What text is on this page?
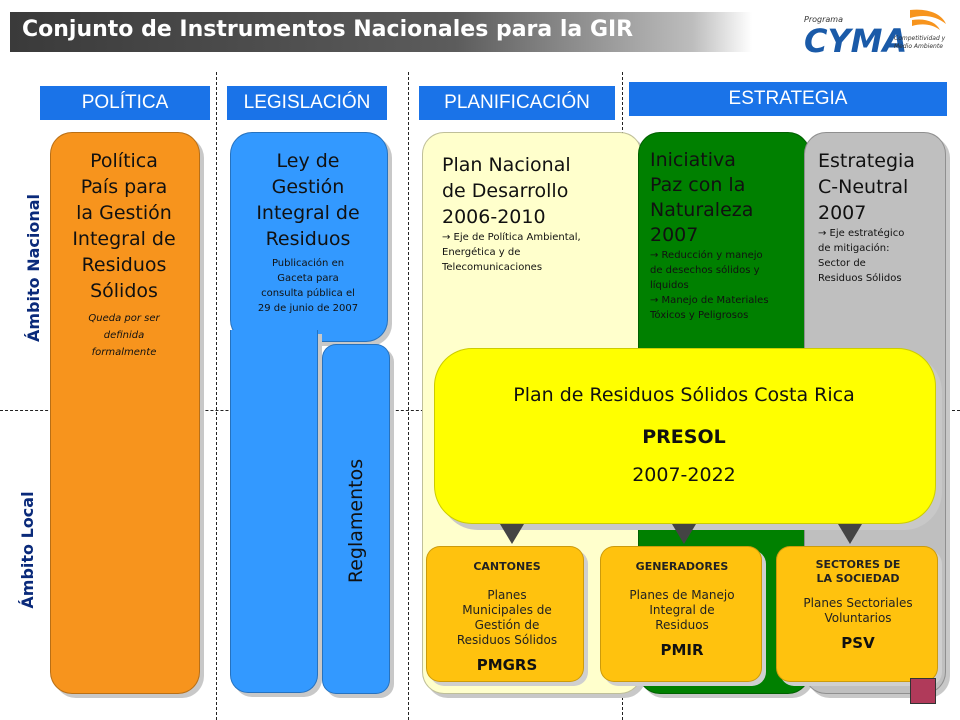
Conjunto de Instrumentos Nacionales para la GIR	Programa
CYMA
Competitividad y
Medio Ambiente
Ámbito Nacional
Ámbito Local
POLÍTICA	LEGISLACIÓN	PLANIFICACIÓN	ESTRATEGIA
Política
País para
la Gestión
Integral de
Residuos
Sólidos
Queda por ser
definida
formalmente
Ley de
Gestión
Integral de
Residuos
Publicación en
Gaceta para
consulta pública el
29 de junio de 2007
Reglamentos
Plan Nacional
de Desarrollo
2006-2010
→ Eje de Política Ambiental,
Energética y de
Telecomunicaciones
Iniciativa
Paz con la
Naturaleza
2007
→ Reducción y manejo
de desechos sólidos y
líquidos
→ Manejo de Materiales
Tóxicos y Peligrosos
Estrategia
C-Neutral
2007
→ Eje estratégico
de mitigación:
Sector de
Residuos Sólidos
Plan de Residuos Sólidos Costa Rica
PRESOL
2007-2022
CANTONES
Planes
Municipales de
Gestión de
Residuos Sólidos
PMGRS
GENERADORES
Planes de Manejo
Integral de
Residuos
PMIR
SECTORES DE
LA SOCIEDAD
Planes Sectoriales
Voluntarios
PSV
